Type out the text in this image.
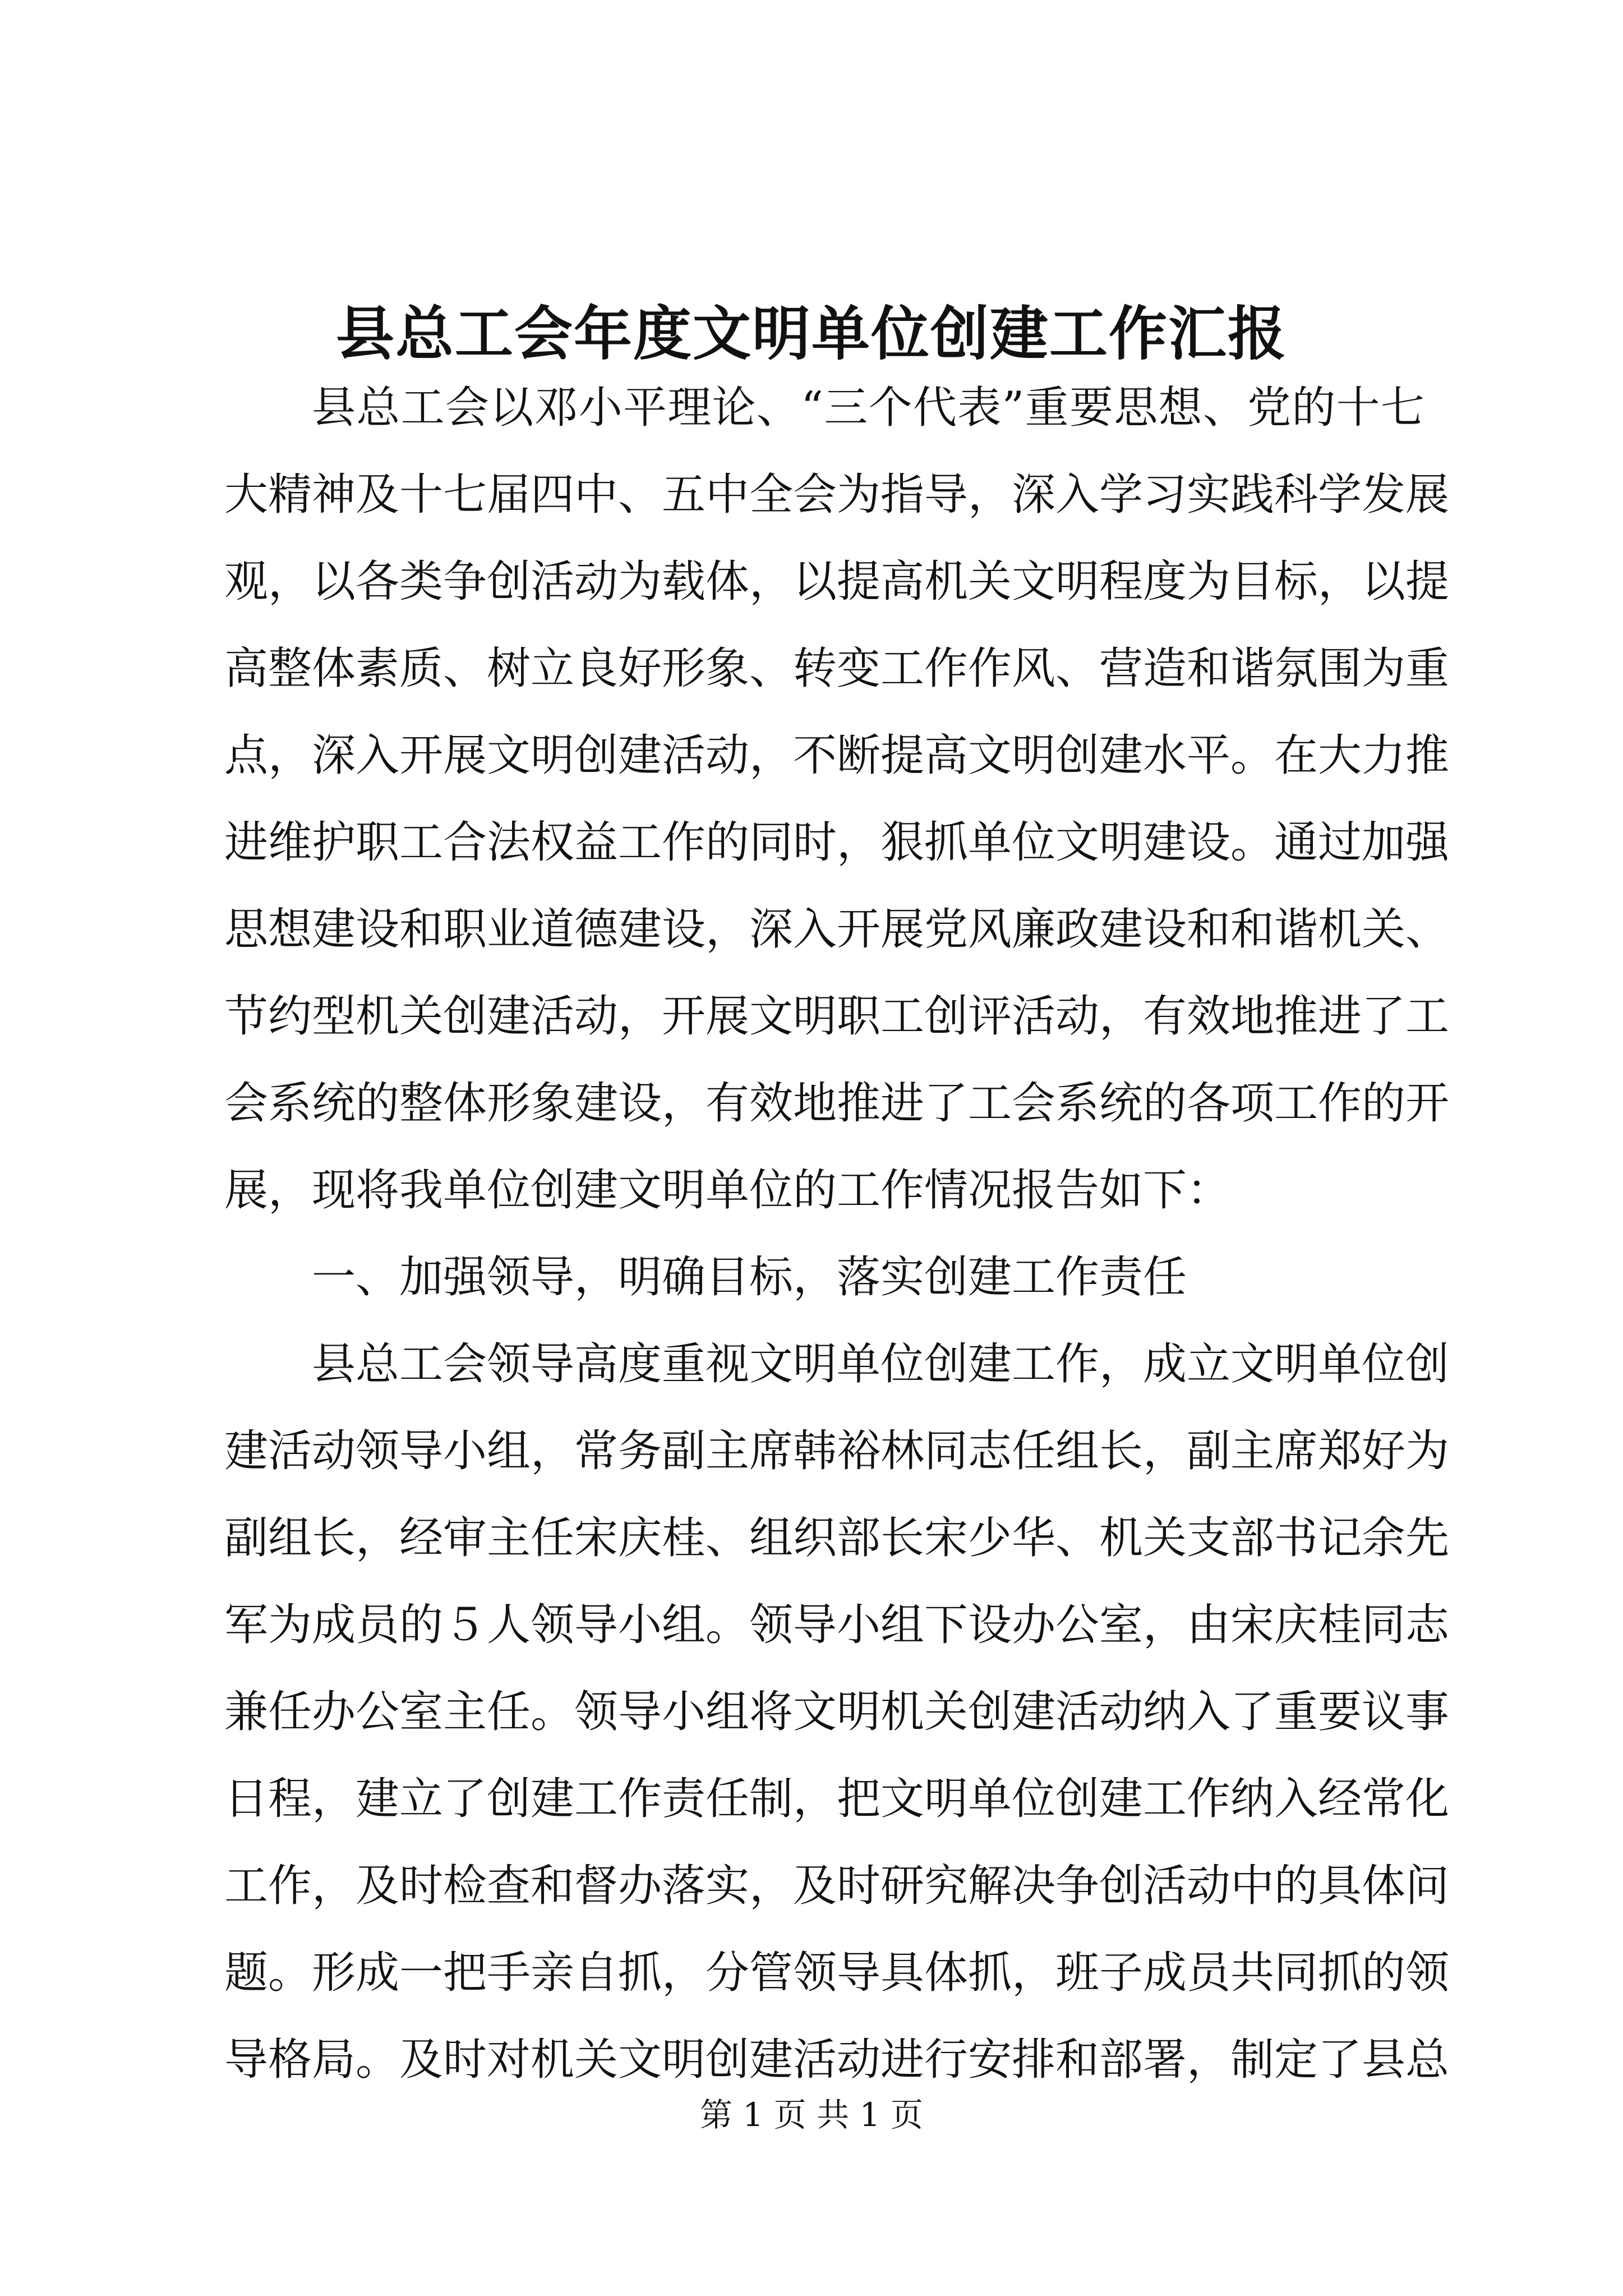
县总工会年度文明单位创建工作汇报
县总工会以邓小平理论、“三个代表”重要思想、党的十七
大精神及十七届四中、五中全会为指导，深入学习实践科学发展
观，以各类争创活动为载体，以提高机关文明程度为目标，以提
高整体素质、树立良好形象、转变工作作风、营造和谐氛围为重
点，深入开展文明创建活动，不断提高文明创建水平。在大力推
进维护职工合法权益工作的同时，狠抓单位文明建设。通过加强
思想建设和职业道德建设，深入开展党风廉政建设和和谐机关、
节约型机关创建活动，开展文明职工创评活动，有效地推进了工
会系统的整体形象建设，有效地推进了工会系统的各项工作的开
展，现将我单位创建文明单位的工作情况报告如下：
一、加强领导，明确目标，落实创建工作责任
县总工会领导高度重视文明单位创建工作，成立文明单位创
建活动领导小组，常务副主席韩裕林同志任组长，副主席郑好为
副组长，经审主任宋庆桂、组织部长宋少华、机关支部书记余先
军为成员的５人领导小组。领导小组下设办公室，由宋庆桂同志
兼任办公室主任。领导小组将文明机关创建活动纳入了重要议事
日程，建立了创建工作责任制，把文明单位创建工作纳入经常化
工作，及时检查和督办落实，及时研究解决争创活动中的具体问
题。形成一把手亲自抓，分管领导具体抓，班子成员共同抓的领
导格局。及时对机关文明创建活动进行安排和部署，制定了县总
第 1 页 共 1 页
